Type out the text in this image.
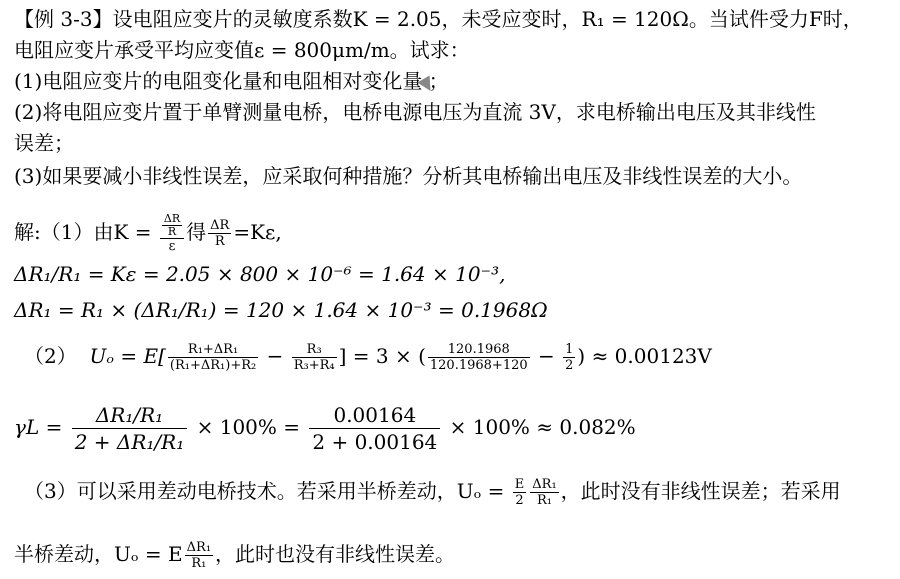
【例 3-3】设电阻应变片的灵敏度系数K = 2.05，未受应变时，R₁ = 120Ω。当试件受力F时，
电阻应变片承受平均应变值ε = 800μm/m。试求：
(1)电阻应变片的电阻变化量和电阻相对变化量 ；
(2)将电阻应变片置于单臂测量电桥，电桥电源电压为直流 3V，求电桥输出电压及其非线性
误差；
(3)如果要减小非线性误差，应采取何种措施？分析其电桥输出电压及非线性误差的大小。
解:（1）由$K = \frac{\frac{\Delta R}{R}}{\varepsilon}$ 得 $\frac{\Delta R}{R} =K\varepsilon$,
ΔR₁/R₁ = Kε = 2.05 × 800 × 10⁻⁶ = 1.64 × 10⁻³,
ΔR₁ = R₁ × (ΔR₁/R₁) = 120 × 1.64 × 10⁻³ = 0.1968Ω
（2） $U_o = E[ \frac{\text{R₁+ΔR₁}}{\text{(R₁+ΔR₁)+R₂}} - \frac{\text{R₃}}{\text{R₃+R₄}}$ ] = 3 × ( $\frac{120.1968}{120.1968+120} - \frac{1}{2}$ ) ≈ 0.00123V
$\gamma L = \frac{\text{ΔR₁/R₁}}{\text{2 + ΔR₁/R₁}} \times 100\% = \frac{0.00164}{2 + 0.00164} \times 100\% \approx 0.082\%$
（3）可以采用差动电桥技术。若采用半桥差动，$U_o = \frac{E}{2} \frac{\text{ΔR₁}}{\text{R₁}}$ ，此时没有非线性误差；若采用
半桥差动，Uₒ = E $\frac{\text{ΔR₁}}{\text{R₁}}$ ，此时也没有非线性误差。
